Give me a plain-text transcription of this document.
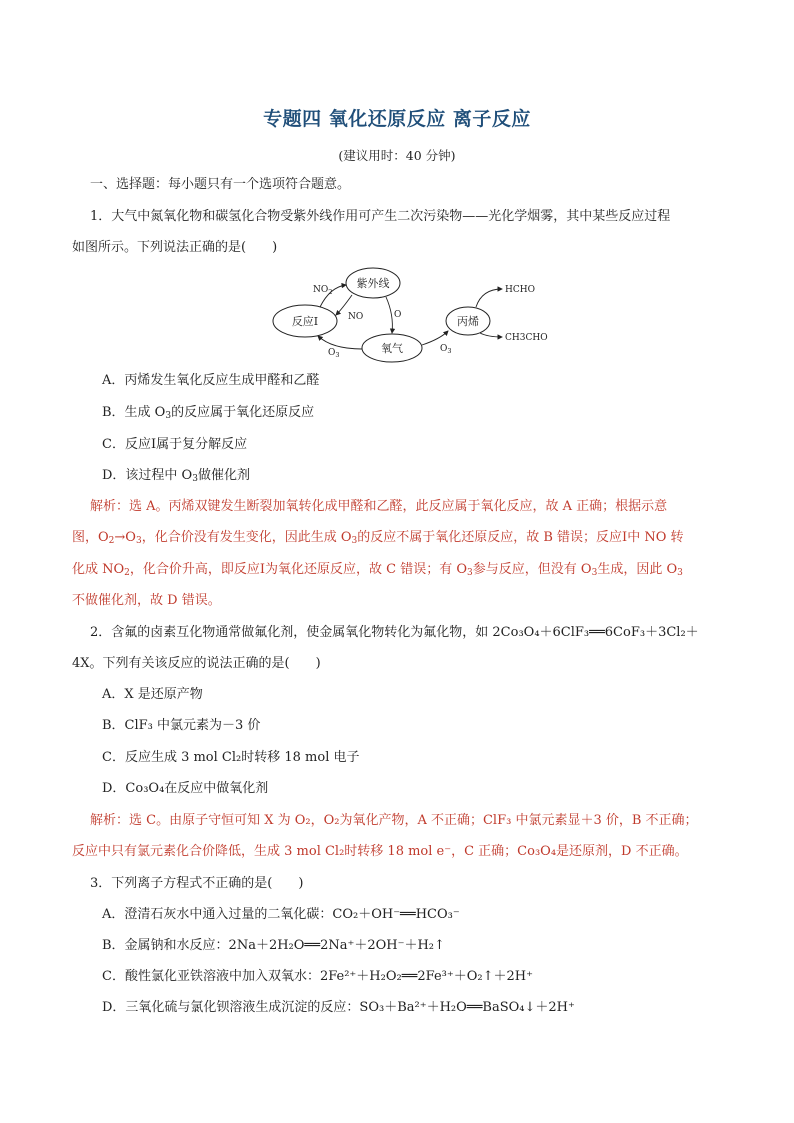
专题四 氧化还原反应 离子反应
(建议用时：40 分钟)
一、选择题：每小题只有一个选项符合题意。
1．大气中氮氧化物和碳氢化合物受紫外线作用可产生二次污染物——光化学烟雾，其中某些反应过程
如图所示。下列说法正确的是(　　)
紫外线
反应Ⅰ
氧气
丙烯
$NO_2$
NO	O
$O_3$
$O_3$
HCHO
CH3CHO
A．丙烯发生氧化反应生成甲醛和乙醛
B．生成 $O_3$的反应属于氧化还原反应
C．反应Ⅰ属于复分解反应
D．该过程中 $O_3$做催化剂
解析：选 A。丙烯双键发生断裂加氧转化成甲醛和乙醛，此反应属于氧化反应，故 A 正确；根据示意
图，$O_2\to O_3$，化合价没有发生变化，因此生成 $O_3$的反应不属于氧化还原反应，故 B 错误；反应Ⅰ中 NO 转
化成 $NO_2$，化合价升高，即反应Ⅰ为氧化还原反应，故 C 错误；有 $O_3$参与反应，但没有 $O_3$生成，因此 $O_3$
不做催化剂，故 D 错误。
2．含氟的卤素互化物通常做氟化剂，使金属氧化物转化为氟化物，如 2Co₃O₄＋6ClF₃══6CoF₃＋3Cl₂＋
4X。下列有关该反应的说法正确的是(　　)
A．X 是还原产物
B．ClF₃ 中氯元素为－3 价
C．反应生成 3 mol Cl₂时转移 18 mol 电子
D．Co₃O₄在反应中做氧化剂
解析：选 C。由原子守恒可知 X 为 O₂，O₂为氧化产物，A 不正确；ClF₃ 中氯元素显＋3 价，B 不正确；
反应中只有氯元素化合价降低，生成 3 mol Cl₂时转移 18 mol e⁻，C 正确；Co₃O₄是还原剂，D 不正确。
3．下列离子方程式不正确的是(　　)
A．澄清石灰水中通入过量的二氧化碳：CO₂＋OH⁻══HCO₃⁻
B．金属钠和水反应：2Na＋2H₂O══2Na⁺＋2OH⁻＋H₂↑
C．酸性氯化亚铁溶液中加入双氧水：2Fe²⁺＋H₂O₂══2Fe³⁺＋O₂↑＋2H⁺
D．三氧化硫与氯化钡溶液生成沉淀的反应：SO₃＋Ba²⁺＋H₂O══BaSO₄↓＋2H⁺
